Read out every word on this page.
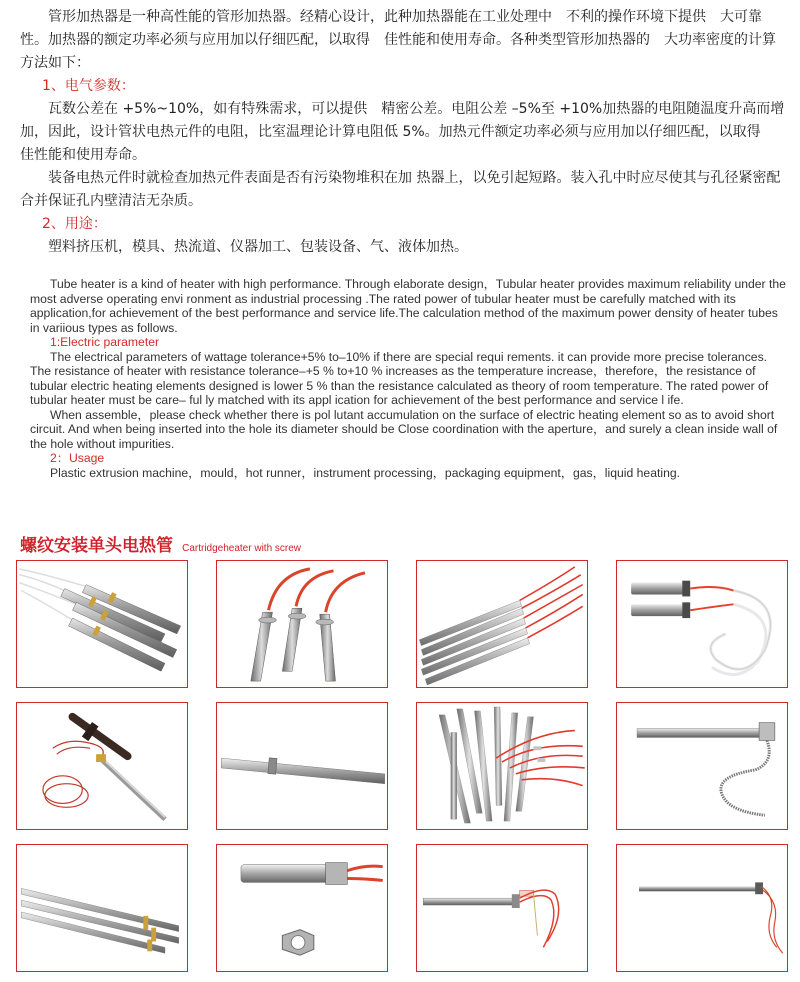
管形加热器是一种高性能的管形加热器。经精心设计，此种加热器能在工业处理中　不利的操作环境下提供　大可靠性。加热器的额定功率必须与应用加以仔细匹配，以取得　佳性能和使用寿命。各种类型管形加热器的　大功率密度的计算方法如下：

1、电气参数：

瓦数公差在 +5%~10%，如有特殊需求，可以提供　精密公差。电阻公差 –5%至 +10%加热器的电阻随温度升高而增加，因此，设计管状电热元件的电阻，比室温理论计算电阻低 5%。加热元件额定功率必须与应用加以仔细匹配，以取得　佳性能和使用寿命。

装备电热元件时就检查加热元件表面是否有污染物堆积在加 热器上，以免引起短路。装入孔中时应尽使其与孔径紧密配合并保证孔内壁清洁无杂质。

2、用途：

塑料挤压机，模具、热流道、仪器加工、包装设备、气、液体加热。

Tube heater is a kind of heater with high performance. Through elaborate design，Tubular heater provides maximum reliability under the most adverse operating envi ronment as industrial processing .The rated power of tubular heater must be carefully matched with its application,for achievement of the best performance and service life.The calculation method of the maximum power density of heater tubes in variious types as follows.

1:Electric parameter

The electrical parameters of wattage tolerance+5% to–10% if there are special requi rements. it can provide more precise tolerances. The resistance of heater with resistance tolerance–+5 % to+10 % increases as the temperature increase，therefore，the resistance of tubular electric heating elements designed is lower 5 % than the resistance calculated as theory of room temperature. The rated power of tubular heater must be care– ful ly matched with its appl ication for achievement of the best performance and service l ife.

When assemble，please check whether there is pol lutant accumulation on the surface of electric heating element so as to avoid short circuit. And when being inserted into the hole its diameter should be Close coordination with the aperture，and surely a clean inside wall of the hole without impurities.

2：Usage

Plastic extrusion machine，mould，hot runner，instrument processing，packaging equipment，gas，liquid heating.

螺纹安装单头电热管 Cartridgeheater with screw
